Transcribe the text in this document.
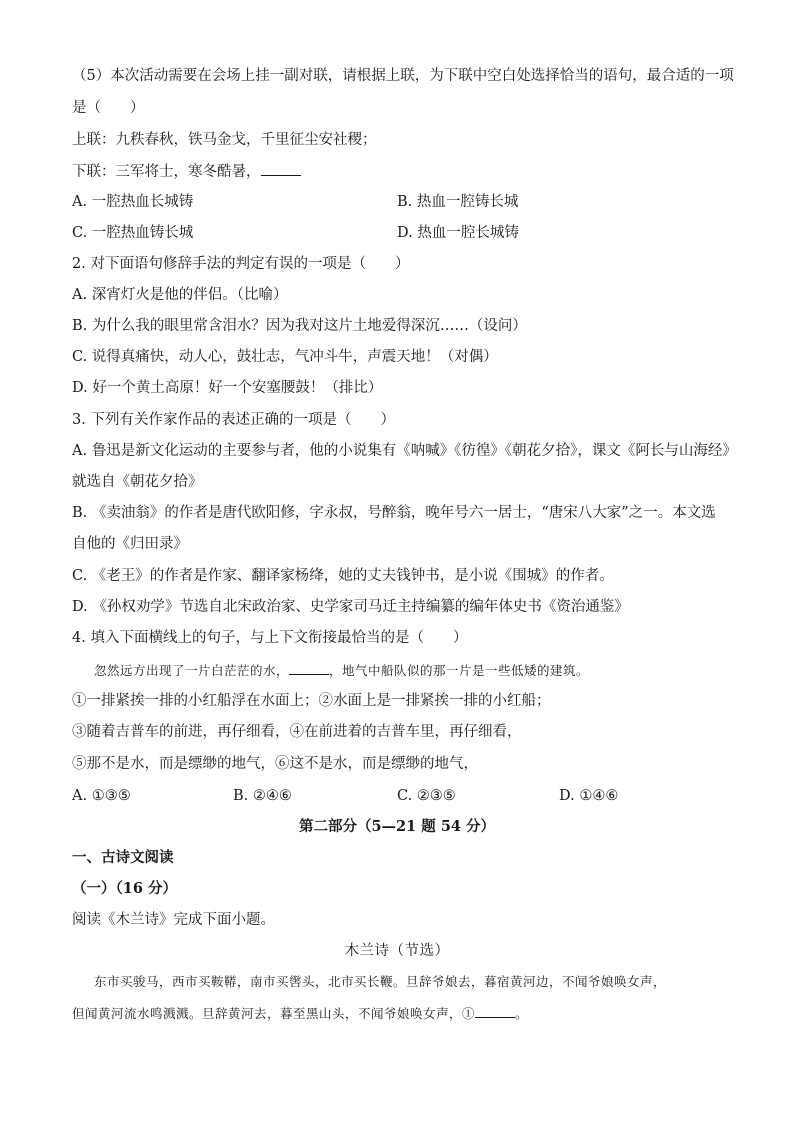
（5）本次活动需要在会场上挂一副对联，请根据上联，为下联中空白处选择恰当的语句，最合适的一项
是（　　）
上联：九秩春秋，铁马金戈，千里征尘安社稷；
下联：三军将士，寒冬酷暑，
A. 一腔热血长城铸	B. 热血一腔铸长城
C. 一腔热血铸长城	D. 热血一腔长城铸
2. 对下面语句修辞手法的判定有误的一项是（　　）
A. 深宵灯火是他的伴侣。（比喻）
B. 为什么我的眼里常含泪水？因为我对这片土地爱得深沉……（设问）
C. 说得真痛快，动人心，鼓壮志，气冲斗牛，声震天地！（对偶）
D. 好一个黄土高原！好一个安塞腰鼓！（排比）
3. 下列有关作家作品的表述正确的一项是（　　）
A. 鲁迅是新文化运动的主要参与者，他的小说集有《呐喊》《彷徨》《朝花夕拾》，课文《阿长与山海经》
就选自《朝花夕拾》
B. 《卖油翁》的作者是唐代欧阳修，字永叔，号醉翁，晚年号六一居士，“唐宋八大家”之一。本文选
自他的《归田录》
C. 《老王》的作者是作家、翻译家杨绛，她的丈夫钱钟书，是小说《围城》的作者。
D. 《孙权劝学》节选自北宋政治家、史学家司马迁主持编纂的编年体史书《资治通鉴》
4. 填入下面横线上的句子，与上下文衔接最恰当的是（　　）
忽然远方出现了一片白茫茫的水，	，地气中船队似的那一片是一些低矮的建筑。
①一排紧挨一排的小红船浮在水面上；②水面上是一排紧挨一排的小红船；
③随着吉普车的前进，再仔细看，④在前进着的吉普车里，再仔细看，
⑤那不是水，而是缥缈的地气，⑥这不是水，而是缥缈的地气，
A. ①③⑤	B. ②④⑥	C. ②③⑤	D. ①④⑥
第二部分（5—21 题 54 分）
一、古诗文阅读
（一）（16 分）
阅读《木兰诗》完成下面小题。
木兰诗（节选）
东市买骏马，西市买鞍鞯，南市买辔头，北市买长鞭。旦辞爷娘去，暮宿黄河边，不闻爷娘唤女声，
但闻黄河流水鸣溅溅。旦辞黄河去，暮至黑山头，不闻爷娘唤女声，①	。
